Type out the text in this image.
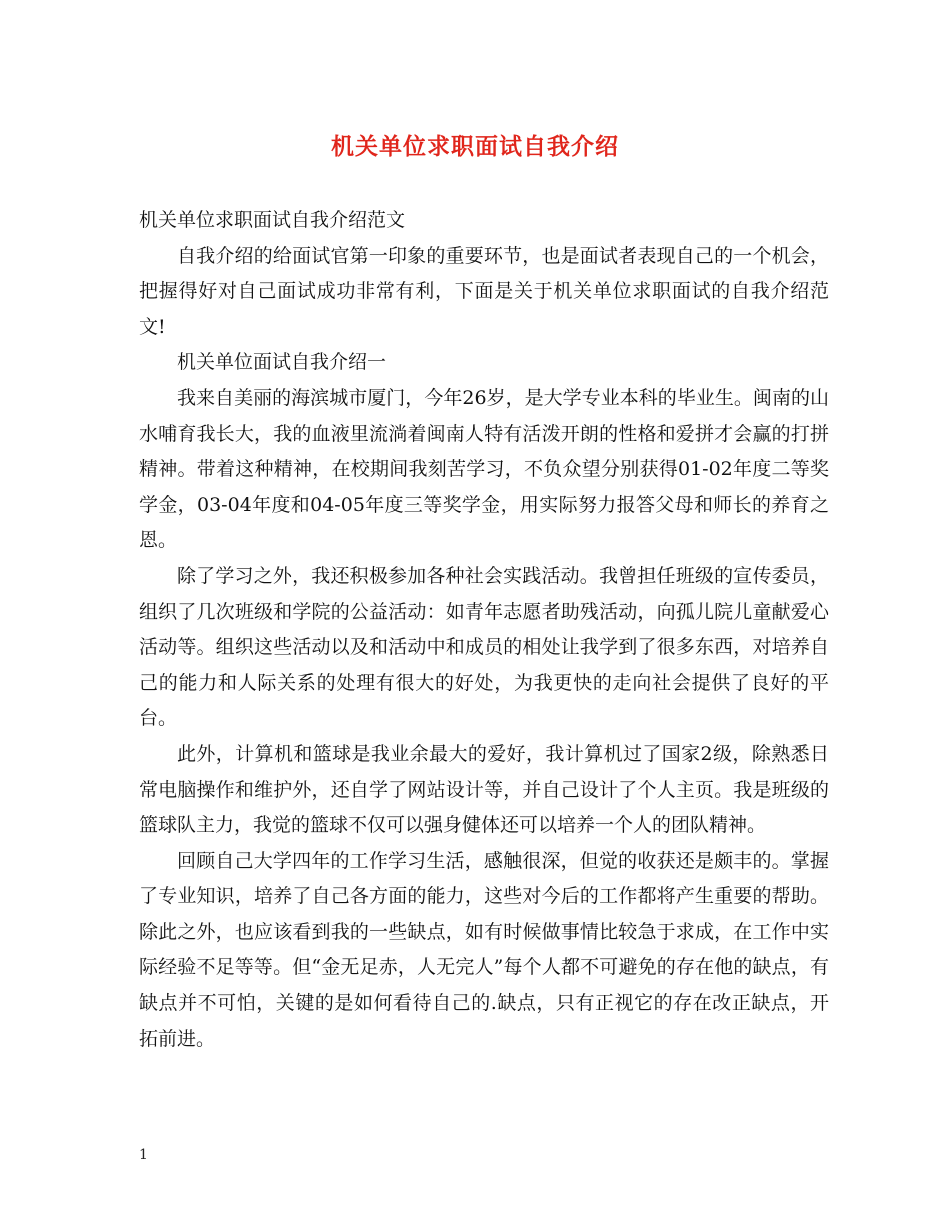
机关单位求职面试自我介绍

机关单位求职面试自我介绍范文

自我介绍的给面试官第一印象的重要环节，也是面试者表现自己的一个机会，把握得好对自己面试成功非常有利，下面是关于机关单位求职面试的自我介绍范文!

机关单位面试自我介绍一

我来自美丽的海滨城市厦门，今年26岁，是大学专业本科的毕业生。闽南的山水哺育我长大，我的血液里流淌着闽南人特有活泼开朗的性格和爱拼才会赢的打拼精神。带着这种精神，在校期间我刻苦学习，不负众望分别获得01-02年度二等奖学金，03-04年度和04-05年度三等奖学金，用实际努力报答父母和师长的养育之恩。

除了学习之外，我还积极参加各种社会实践活动。我曾担任班级的宣传委员，组织了几次班级和学院的公益活动：如青年志愿者助残活动，向孤儿院儿童献爱心活动等。组织这些活动以及和活动中和成员的相处让我学到了很多东西，对培养自己的能力和人际关系的处理有很大的好处，为我更快的走向社会提供了良好的平台。

此外，计算机和篮球是我业余最大的爱好，我计算机过了国家2级，除熟悉日常电脑操作和维护外，还自学了网站设计等，并自己设计了个人主页。我是班级的篮球队主力，我觉的篮球不仅可以强身健体还可以培养一个人的团队精神。

回顾自己大学四年的工作学习生活，感触很深，但觉的收获还是颇丰的。掌握了专业知识，培养了自己各方面的能力，这些对今后的工作都将产生重要的帮助。除此之外，也应该看到我的一些缺点，如有时候做事情比较急于求成，在工作中实际经验不足等等。但“金无足赤，人无完人”每个人都不可避免的存在他的缺点，有缺点并不可怕，关键的是如何看待自己的.缺点，只有正视它的存在改正缺点，开拓前进。

1
